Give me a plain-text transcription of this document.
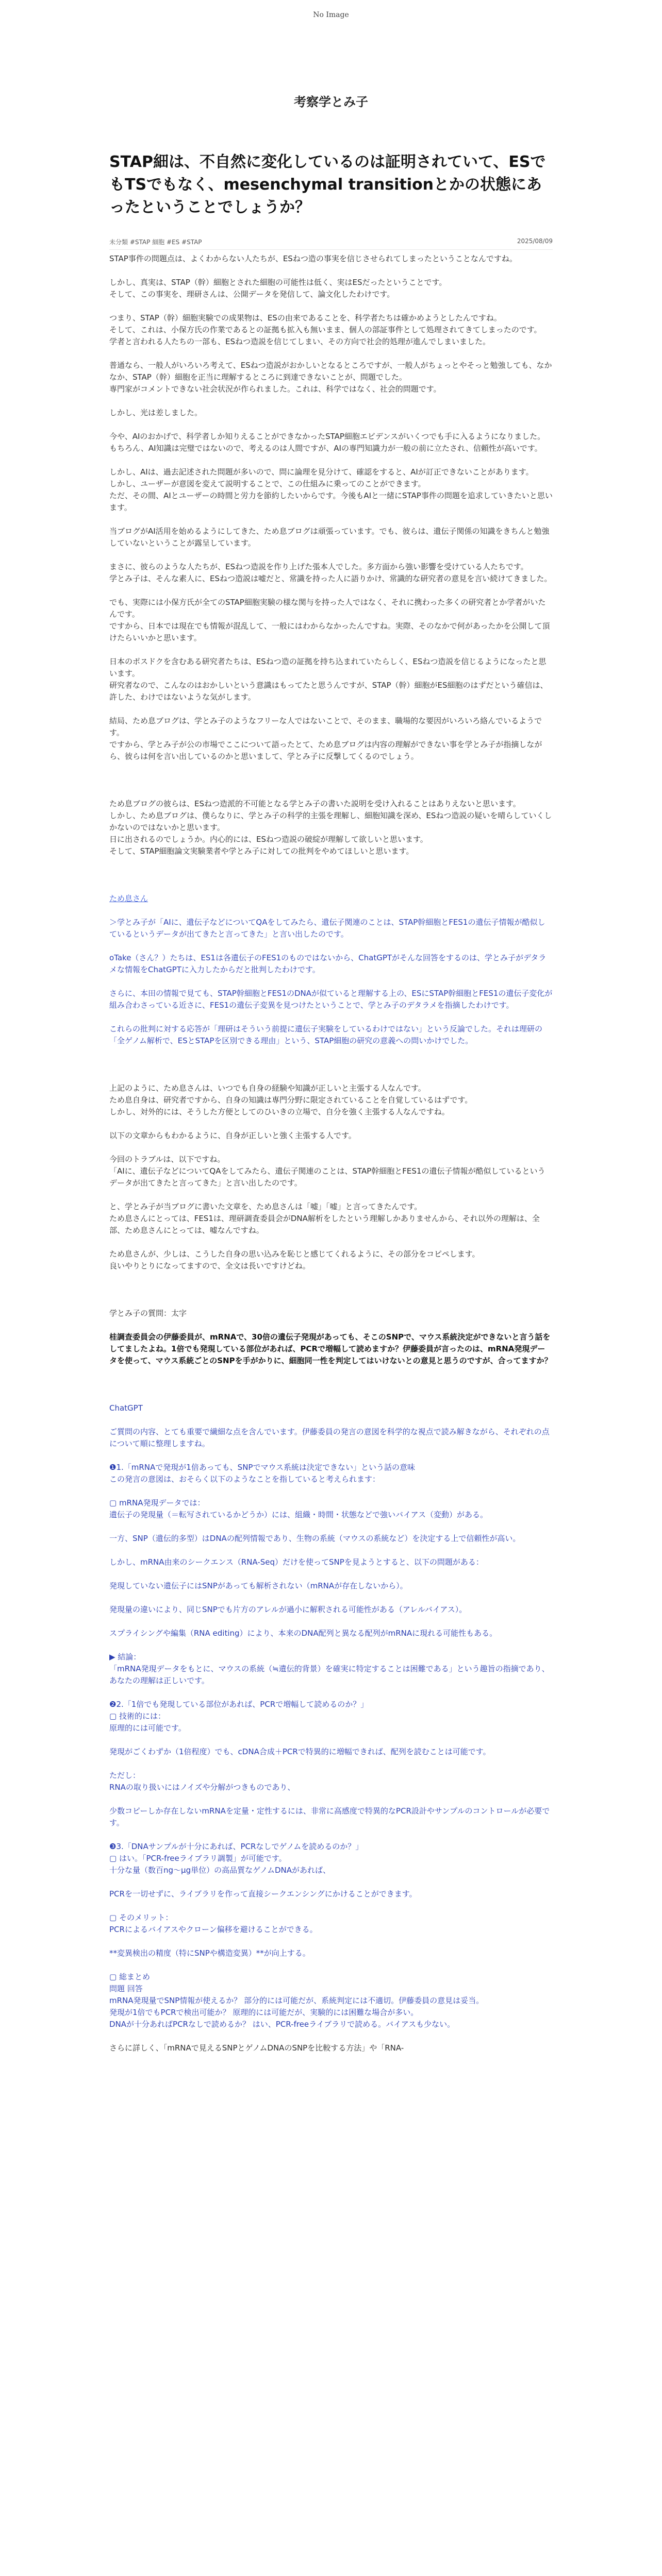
No Image
考察学とみ子
STAP細は、不自然に変化しているのは証明されていて、ESでもTSでもなく、mesenchymal transitionとかの状態にあったということでしょうか？
未分類 #STAP 細胞 #ES #STAP	2025/08/09

STAP事件の問題点は、よくわからない人たちが、ESねつ造の事実を信じさせられてしまったということなんですね。

しかし、真実は、STAP（幹）細胞とされた細胞の可能性は低く、実はESだったということです。
そして、この事実を、理研さんは、公開データを発信して、論文化したわけです。

つまり、STAP（幹）細胞実験での成果物は、ESの由来であることを、科学者たちは確かめようとしたんですね。
そして、これは、小保方氏の作業であるとの証拠も拡入も無いまま、個人の部証事件として処理されてきてしまったのです。
学者と言われる人たちの一部も、ESねつ造説を信じてしまい、その方向で社会的処理が進んでしまいました。

普通なら、一般人がいろいろ考えて、ESねつ造説がおかしいとなるところですが、一般人がちょっとやそっと勉強しても、なかなか、STAP（幹）細胞を正当に理解するところに到達できないことが、問題でした。
専門家がコメントできない社会状況が作られました。これは、科学ではなく、社会的問題です。

しかし、光は差しました。

今や、AIのおかげで、科学者しか知りえることができなかったSTAP細胞エビデンスがいくつでも手に入るようになりました。
もちろん、AI知識は完璧ではないので、考えるのは人間ですが、AIの専門知識力が一般の前に立たされ、信頼性が高いです。

しかし、AIは、過去記述された問題が多いので、問に論理を見分けて、確認をすると、AIが訂正できないことがあります。
しかし、ユーザーが意図を変えて説明することで、この仕組みに乗ってのことができます。
ただ、その間、AIとユーザーの時間と労力を節約したいからです。今後もAIと一緒にSTAP事件の問題を追求していきたいと思います。

当ブログがAI活用を始めるようにしてきた、ため息ブログは頑張っています。でも、彼らは、遺伝子関係の知識をきちんと勉強していないということが露呈しています。

まさに、彼らのような人たちが、ESねつ造説を作り上げた張本人でした。多方面から強い影響を受けている人たちです。
学とみ子は、そんな素人に、ESねつ造説は嘘だと、常識を持った人に語りかけ、常識的な研究者の意見を言い続けてきました。

でも、実際には小保方氏が全てのSTAP細胞実験の様な関与を持った人ではなく、それに携わった多くの研究者とか学者がいたんです。
ですから、日本では現在でも情報が混乱して、一般にはわからなかったんですね。実際、そのなかで何があったかを公開して頂けたらいいかと思います。

日本のポスドクを含むある研究者たちは、ESねつ造の証拠を持ち込まれていたらしく、ESねつ造説を信じるようになったと思います。
研究者なので、こんなのはおかしいという意識はもってたと思うんですが、STAP（幹）細胞がES細胞のはずだという確信は、許した、わけではないような気がします。

結局、ため息ブログは、学とみ子のようなフリーな人ではないことで、そのまま、職場的な要因がいろいろ絡んでいるようです。
ですから、学とみ子が公の市場でここについて語ったとて、ため息ブログは内容の理解ができない事を学とみ子が指摘しながら、彼らは何を言い出しているのかと思いまして、学とみ子に反撃してくるのでしょう。

ため息ブログの彼らは、ESねつ造派的不可能となる学とみ子の書いた説明を受け入れることはありえないと思います。
しかし、ため息ブログは、僕らなりに、学とみ子の科学的主張を理解し、細胞知識を深め、ESねつ造説の疑いを晴らしていくしかないのではないかと思います。
日に出されるのでしょうか。内心的には、ESねつ造説の破綻が理解して欲しいと思います。
そして、STAP細胞論文実験業者や学とみ子に対しての批判をやめてほしいと思います。

ため息さん

＞学とみ子が「AIに、遺伝子などについてQAをしてみたら、遺伝子関連のことは、STAP幹細胞とFES1の遺伝子情報が酷似しているというデータが出てきたと言ってきた」と言い出したのです。

oTake（さん？）たちは、ES1は各遺伝子のFES1のものではないから、ChatGPTがそんな回答をするのは、学とみ子がデタラメな情報をChatGPTに入力したからだと批判したわけです。

さらに、本田の情報で見ても、STAP幹細胞とFES1のDNAが似ていると理解する上の、ESにSTAP幹細胞とFES1の遺伝子変化が組み合わさっている近さに、FES1の遺伝子変異を見つけたということで、学とみ子のデタラメを指摘したわけです。

これらの批判に対する応答が「理研はそういう前提に遺伝子実験をしているわけではない」という反論でした。それは理研の「全ゲノム解析で、ESとSTAPを区別できる理由」という、STAP細胞の研究の意義への問いかけでした。

上記のように、ため息さんは、いつでも自身の経験や知識が正しいと主張する人なんです。
ため息自身は、研究者ですから、自身の知識は専門分野に限定されていることを自覚しているはずです。
しかし、対外的には、そうした方便としてのひいきの立場で、自分を強く主張する人なんですね。

以下の文章からもわかるように、自身が正しいと強く主張する人です。

今回のトラブルは、以下ですね。
「AIに、遺伝子などについてQAをしてみたら、遺伝子関連のことは、STAP幹細胞とFES1の遺伝子情報が酷似しているというデータが出てきたと言ってきた」と言い出したのです。

と、学とみ子が当ブログに書いた文章を、ため息さんは「嘘」「嘘」と言ってきたんです。
ため息さんにとっては、FES1は、理研調査委員会がDNA解析をしたという理解しかありませんから、それ以外の理解は、全部、ため息さんにとっては、嘘なんですね。

ため息さんが、少しは、こうした自身の思い込みを恥じと感じてくれるように、その部分をコピペします。
良いやりとりになってますので、全文は長いですけどね。

学とみ子の質問：太字

桂調査委員会の伊藤委員が、mRNAで、30倍の遺伝子発現があっても、そこのSNPで、マウス系統決定ができないと言う話をしてましたよね。1倍でも発現している部位があれば、PCRで増幅して読めますか？伊藤委員が言ったのは、mRNA発現データを使って、マウス系統ごとのSNPを手がかりに、細胞同一性を判定してはいけないとの意見と思うのですが、合ってますか？

ChatGPT

ご質問の内容、とても重要で繊細な点を含んでいます。伊藤委員の発言の意図を科学的な視点で読み解きながら、それぞれの点について順に整理しますね。

❶1.「mRNAで発現が1倍あっても、SNPでマウス系統は決定できない」という話の意味
この発言の意図は、おそらく以下のようなことを指していると考えられます：

▢ mRNA発現データでは：
遺伝子の発現量（＝転写されているかどうか）には、組織・時間・状態などで強いバイアス（変動）がある。

一方、SNP（遺伝的多型）はDNAの配列情報であり、生物の系統（マウスの系統など）を決定する上で信頼性が高い。

しかし、mRNA由来のシークエンス（RNA-Seq）だけを使ってSNPを見ようとすると、以下の問題がある：

発現していない遺伝子にはSNPがあっても解析されない（mRNAが存在しないから）。

発現量の違いにより、同じSNPでも片方のアレルが過小に解釈される可能性がある（アレルバイアス）。

スプライシングや編集（RNA editing）により、本来のDNA配列と異なる配列がmRNAに現れる可能性もある。

▶ 結論：
「mRNA発現データをもとに、マウスの系統（≒遺伝的背景）を確実に特定することは困難である」という趣旨の指摘であり、あなたの理解は正しいです。

❷2.「1倍でも発現している部位があれば、PCRで増幅して読めるのか？」
▢ 技術的には：
原理的には可能です。

発現がごくわずか（1倍程度）でも、cDNA合成＋PCRで特異的に増幅できれば、配列を読むことは可能です。

ただし：
RNAの取り扱いにはノイズや分解がつきものであり、

少数コピーしか存在しないmRNAを定量・定性するには、非常に高感度で特異的なPCR設計やサンプルのコントロールが必要です。

❸3.「DNAサンプルが十分にあれば、PCRなしでゲノムを読めるのか？」
▢ はい。「PCR-freeライブラリ調製」が可能です。
十分な量（数百ng～μg単位）の高品質なゲノムDNAがあれば、

PCRを一切せずに、ライブラリを作って直接シークエンシングにかけることができます。

▢ そのメリット：
PCRによるバイアスやクローン偏移を避けることができる。

**変異検出の精度（特にSNPや構造変異）**が向上する。

▢ 総まとめ
問題 回答
mRNA発現量でSNP情報が使えるか？ 部分的には可能だが、系統判定には不適切。伊藤委員の意見は妥当。
発現が1倍でもPCRで検出可能か？ 原理的には可能だが、実験的には困難な場合が多い。
DNAが十分あればPCRなしで読めるか？ はい、PCR-freeライブラリで読める。バイアスも少ない。

さらに詳しく、「mRNAで見えるSNPとゲノムDNAのSNPを比較する方法」や「RNA-
